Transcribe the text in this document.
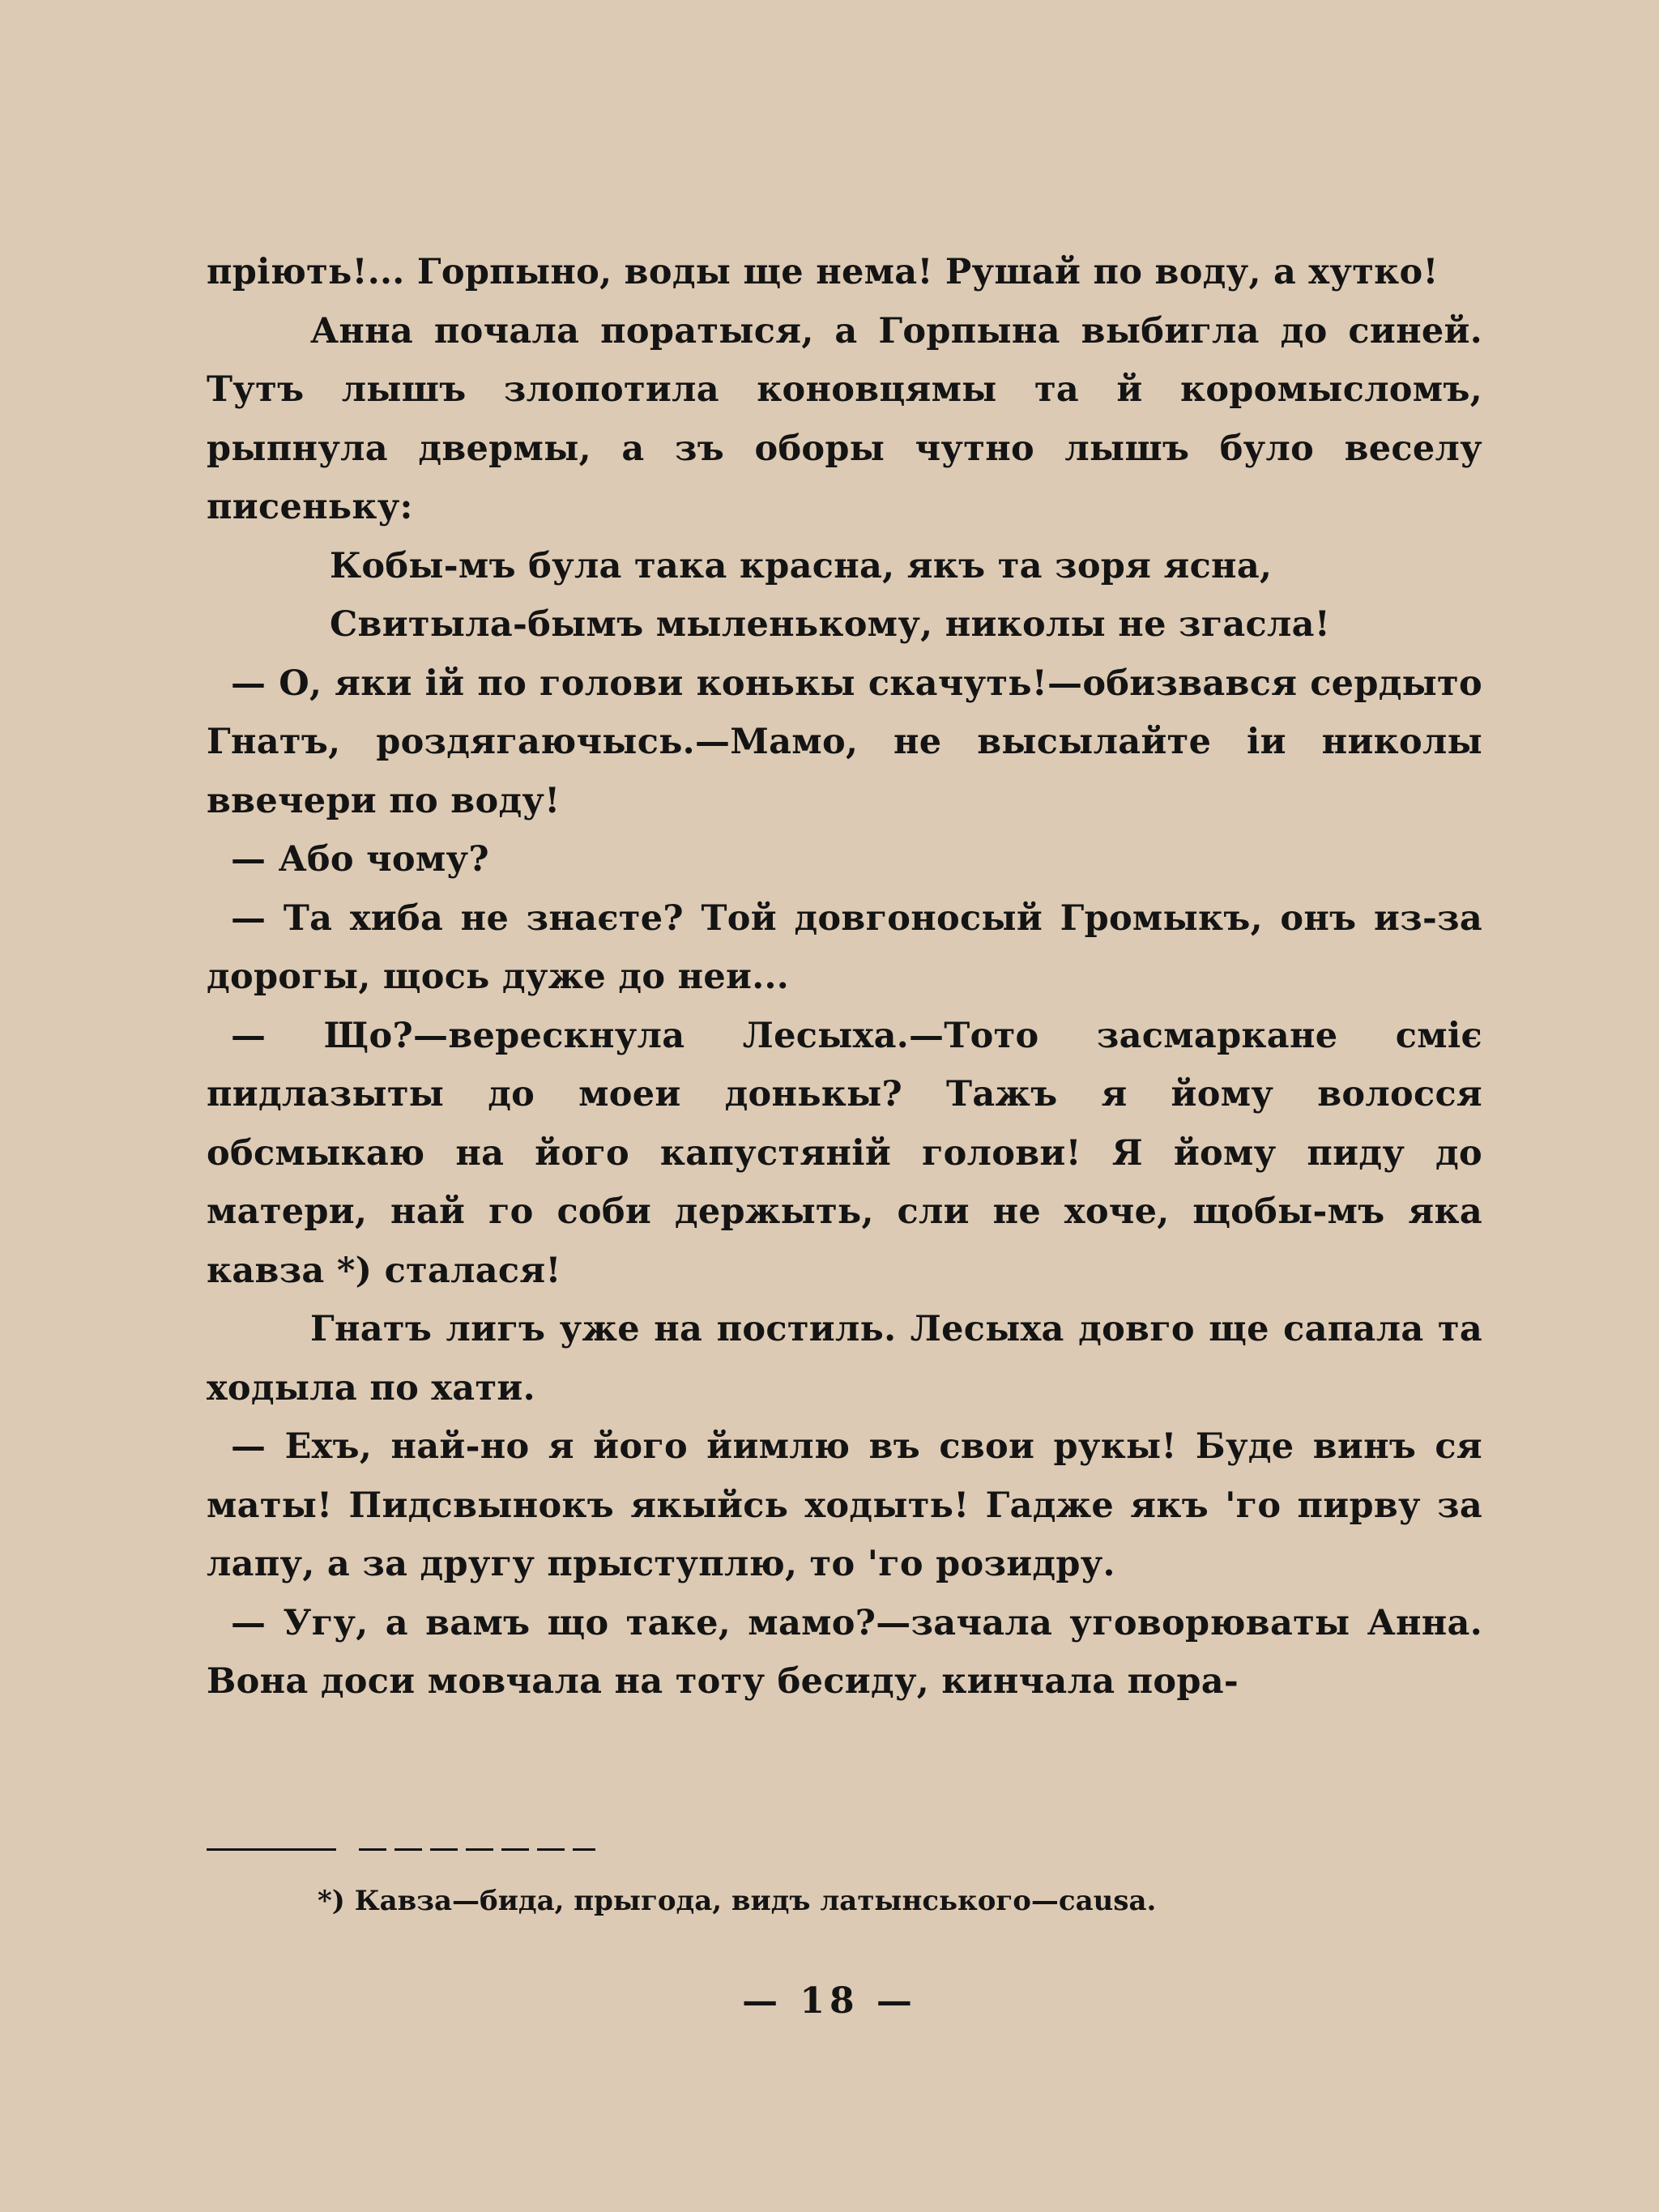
пріють!... Горпыно, воды ще нема! Рушай по воду, а хутко!

Анна почала поратыся, а Горпына выбигла до синей. Тутъ лышъ злопотила коновцямы та й коромысломъ, рыпнула двермы, а зъ оборы чутно лышъ було веселу писеньку:

Кобы-мъ була така красна, якъ та зоря ясна,

Свитыла-бымъ мыленькому, николы не згасла!

— О, яки ій по голови конькы скачуть!—обизвався сердыто Гнатъ, роздягаючысь.—Мамо, не высылайте іи николы ввечери по воду!

— Або чому?

— Та хиба не знаєте? Той довгоносый Громыкъ, онъ из-за дорогы, щось дуже до неи...

— Що?—верескнула Лесыха.—Тото засмаркане сміє пидлазыты до моеи донькы? Тажъ я йому волосся обсмыкаю на його капустяній голови! Я йому пиду до матери, най го соби держыть, сли не хоче, щобы-мъ яка кавза *) сталася!

Гнатъ лигъ уже на постиль. Лесыха довго ще сапала та ходыла по хати.

— Ехъ, най-но я його йимлю въ свои рукы! Буде винъ ся маты! Пидсвынокъ якыйсь ходыть! Гадже якъ 'го пирву за лапу, а за другу прыступлю, то 'го розидру.

— Угу, а вамъ що таке, мамо?—зачала уговорюваты Анна. Вона доси мовчала на тоту бесиду, кинчала пора-

*) Кавза—бида, прыгода, видъ латынського—causa.
— 18 —
